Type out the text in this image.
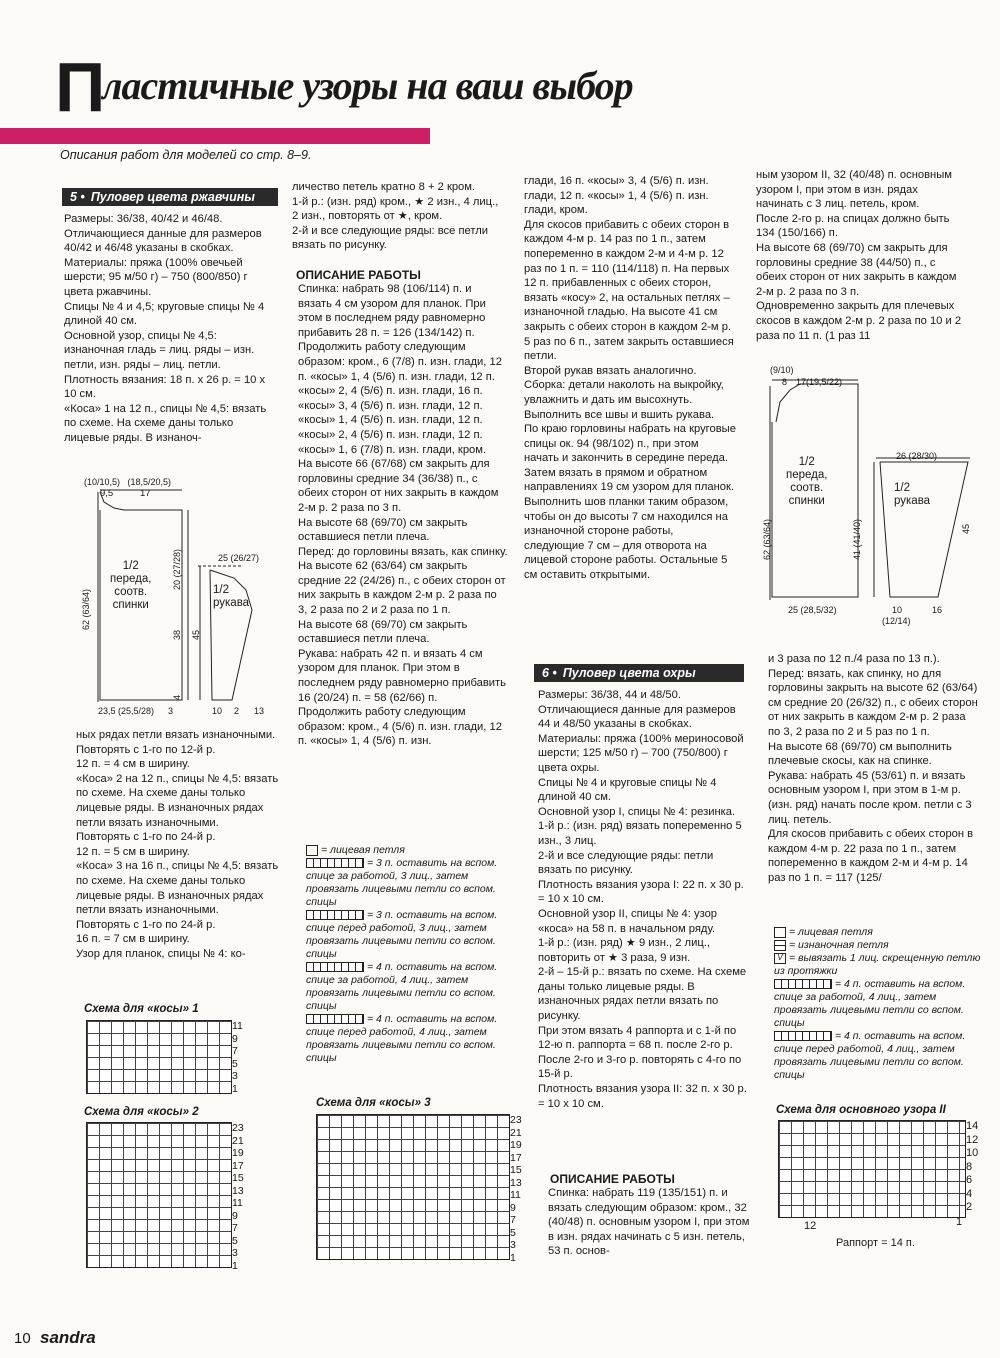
П
ластичные узоры на ваш выбор
Описания работ для моделей со стр. 8–9.
5 • Пуловер цвета ржавчины
Размеры: 36/38, 40/42 и 46/48.
Отличающиеся данные для размеров 40/42 и 46/48 указаны в скобках.
Материалы: пряжа (100% овечьей шерсти; 95 м/50 г) – 750 (800/850) г цвета ржавчины.
Спицы № 4 и 4,5; круговые спицы № 4 длиной 40 см.
Основной узор, спицы № 4,5: изнаночная гладь = лиц. ряды – изн. петли, изн. ряды – лиц. петли.
Плотность вязания: 18 п. х 26 р. = 10 х 10 см.
«Коса» 1 на 12 п., спицы № 4,5: вязать по схеме. На схеме даны только лицевые ряды. В изнаноч-
(10/10,5)   (18,5/20,5)
9,5	17
1/2
переда,
соотв.
спинки
1/2
рукава
25 (26/27)
23,5 (25,5/28) 3	10 2 13
62 (63/64)
20 (27/28)
38 45
4
ных рядах петли вязать изнаночными.
Повторять с 1-го по 12-й р.
12 п. = 4 см в ширину.
«Коса» 2 на 12 п., спицы № 4,5: вязать по схеме. На схеме даны только лицевые ряды. В изнаночных рядах петли вязать изнаночными.
Повторять с 1-го по 24-й р.
12 п. = 5 см в ширину.
«Коса» 3 на 16 п., спицы № 4,5: вязать по схеме. На схеме даны только лицевые ряды. В изнаночных рядах петли вязать изнаночными.
Повторять с 1-го по 24-й р.
16 п. = 7 см в ширину.
Узор для планок, спицы № 4: ко-
Схема для «косы» 1
11
9
7
5
3
1
Схема для «косы» 2
23
21
19
17
15
13
11
9
7
5
3
1
личество петель кратно 8 + 2 кром.
1-й р.: (изн. ряд) кром., ★ 2 изн., 4 лиц., 2 изн., повторять от ★, кром.
2-й и все следующие ряды: все петли вязать по рисунку.
ОПИСАНИЕ РАБОТЫ
Спинка: набрать 98 (106/114) п. и вязать 4 см узором для планок. При этом в последнем ряду равномерно прибавить 28 п. = 126 (134/142) п.
Продолжить работу следующим образом: кром., 6 (7/8) п. изн. глади, 12 п. «косы» 1, 4 (5/6) п. изн. глади, 12 п. «косы» 2, 4 (5/6) п. изн. глади, 16 п. «косы» 3, 4 (5/6) п. изн. глади, 12 п. «косы» 1, 4 (5/6) п. изн. глади, 12 п. «косы» 2, 4 (5/6) п. изн. глади, 12 п. «косы» 1, 6 (7/8) п. изн. глади, кром.
На высоте 66 (67/68) см закрыть для горловины средние 34 (36/38) п., с обеих сторон от них закрыть в каждом 2-м р. 2 раза по 3 п.
На высоте 68 (69/70) см закрыть оставшиеся петли плеча.
Перед: до горловины вязать, как спинку. На высоте 62 (63/64) см закрыть средние 22 (24/26) п., с обеих сторон от них закрыть в каждом 2-м р. 2 раза по 3, 2 раза по 2 и 2 раза по 1 п.
На высоте 68 (69/70) см закрыть оставшиеся петли плеча.
Рукава: набрать 42 п. и вязать 4 см узором для планок. При этом в последнем ряду равномерно прибавить 16 (20/24) п. = 58 (62/66) п.
Продолжить работу следующим образом: кром., 4 (5/6) п. изн. глади, 12 п. «косы» 1, 4 (5/6) п. изн.
= лицевая петля
= 3 п. оставить на вспом. спице за работой, 3 лиц., затем провязать лицевыми петли со вспом. спицы
= 3 п. оставить на вспом. спице перед работой, 3 лиц., затем провязать лицевыми петли со вспом. спицы
= 4 п. оставить на вспом. спице за работой, 4 лиц., затем провязать лицевыми петли со вспом. спицы
= 4 п. оставить на вспом. спице перед работой, 4 лиц., затем провязать лицевыми петли со вспом. спицы
Схема для «косы» 3
23
21
19
17
15
13
11
9
7
5
3
1
глади, 16 п. «косы» 3, 4 (5/6) п. изн. глади, 12 п. «косы» 1, 4 (5/6) п. изн. глади, кром.
Для скосов прибавить с обеих сторон в каждом 4-м р. 14 раз по 1 п., затем попеременно в каждом 2-м и 4-м р. 12 раз по 1 п. = 110 (114/118) п. На первых 12 п. прибавленных с обеих сторон, вязать «косу» 2, на остальных петлях – изнаночной гладью. На высоте 41 см закрыть с обеих сторон в каждом 2-м р. 5 раз по 6 п., затем закрыть оставшиеся петли.
Второй рукав вязать аналогично.
Сборка: детали наколоть на выкройку, увлажнить и дать им высохнуть. Выполнить все швы и вшить рукава.
По краю горловины набрать на круговые спицы ок. 94 (98/102) п., при этом начать и закончить в середине переда. Затем вязать в прямом и обратном направлениях 19 см узором для планок.
Выполнить шов планки таким образом, чтобы он до высоты 7 см находился на изнаночной стороне работы, следующие 7 см – для отворота на лицевой стороне работы. Остальные 5 см оставить открытыми.
6 • Пуловер цвета охры
Размеры: 36/38, 44 и 48/50.
Отличающиеся данные для размеров 44 и 48/50 указаны в скобках.
Материалы: пряжа (100% мериносовой шерсти; 125 м/50 г) – 700 (750/800) г цвета охры.
Спицы № 4 и круговые спицы № 4 длиной 40 см.
Основной узор I, спицы № 4: резинка.
1-й р.: (изн. ряд) вязать попеременно 5 изн., 3 лиц.
2-й и все следующие ряды: петли вязать по рисунку.
Плотность вязания узора I: 22 п. х 30 р. = 10 х 10 см.
Основной узор II, спицы № 4: узор «коса» на 58 п. в начальном ряду.
1-й р.: (изн. ряд) ★ 9 изн., 2 лиц., повторить от ★ 3 раза, 9 изн.
2-й – 15-й р.: вязать по схеме. На схеме даны только лицевые ряды. В изнаночных рядах петли вязать по рисунку.
При этом вязать 4 раппорта и с 1-й по 12-ю п. раппорта = 68 п. после 2-го р.
После 2-го и 3-го р. повторять с 4-го по 15-й р.
Плотность вязания узора II: 32 п. х 30 р. = 10 х 10 см.
ОПИСАНИЕ РАБОТЫ
Спинка: набрать 119 (135/151) п. и вязать следующим образом: кром., 32 (40/48) п. основным узором I, при этом в изн. рядах начинать с 5 изн. петель, 53 п. основ-
ным узором II, 32 (40/48) п. основным узором I, при этом в изн. рядах начинать с 3 лиц. петель, кром.
После 2-го р. на спицах должно быть 134 (150/166) п.
На высоте 68 (69/70) см закрыть для горловины средние 38 (44/50) п., с обеих сторон от них закрыть в каждом 2-м р. 2 раза по 3 п.
Одновременно закрыть для плечевых скосов в каждом 2-м р. 2 раза по 10 и 2 раза по 11 п. (1 раз 11
(9/10)
8 17(19,5/22)
26 (28/30)
1/2
переда,
соотв.
спинки
1/2
рукава
25 (28,5/32)	10
(12/14)
16
62 (63/64)	41 (41/40)	45
и 3 раза по 12 п./4 раза по 13 п.).
Перед: вязать, как спинку, но для горловины закрыть на высоте 62 (63/64) см средние 20 (26/32) п., с обеих сторон от них закрыть в каждом 2-м р. 2 раза по 3, 2 раза по 2 и 5 раз по 1 п.
На высоте 68 (69/70) см выполнить плечевые скосы, как на спинке.
Рукава: набрать 45 (53/61) п. и вязать основным узором I, при этом в 1-м р. (изн. ряд) начать после кром. петли с 3 лиц. петель.
Для скосов прибавить с обеих сторон в каждом 4-м р. 22 раза по 1 п., затем попеременно в каждом 2-м и 4-м р. 14 раз по 1 п. = 117 (125/
= лицевая петля
= изнаночная петля
V = вывязать 1 лиц. скрещенную петлю из протяжки
= 4 п. оставить на вспом. спице за работой, 4 лиц., затем провязать лицевыми петли со вспом. спицы
= 4 п. оставить на вспом. спице перед работой, 4 лиц., затем провязать лицевыми петли со вспом. спицы
Схема для основного узора II
14
12
10
8
6
4
2
12	1
Раппорт = 14 п.
10 sandra
